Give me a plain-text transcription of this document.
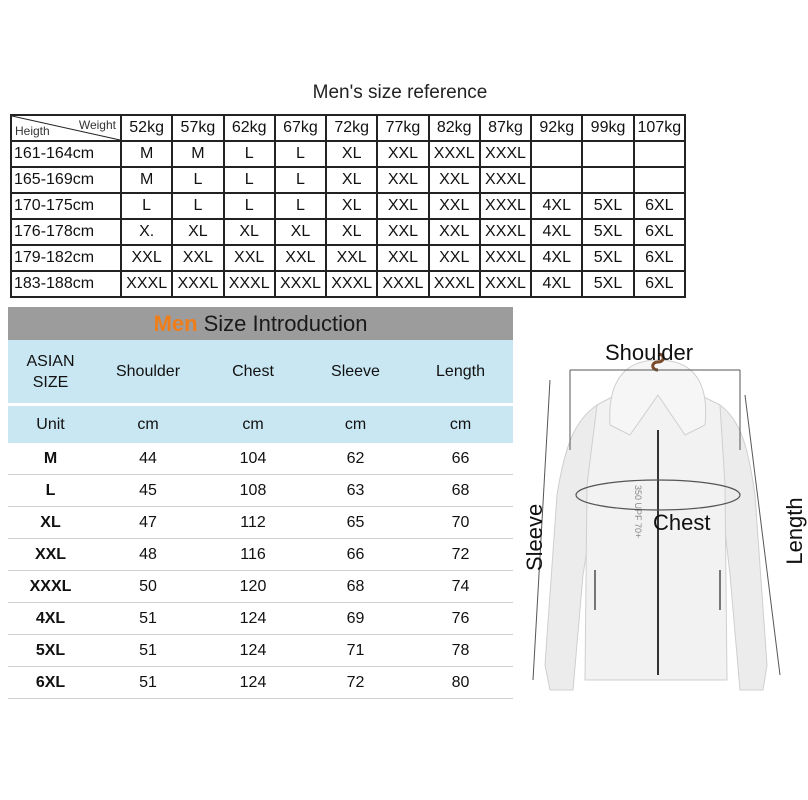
Men's size reference
Weight
Heigth	52kg	57kg	62kg	67kg	72kg	77kg	82kg	87kg	92kg	99kg	107kg
161-164cm	M	M	L	L	XL	XXL	XXXL	XXXL			
165-169cm	M	L	L	L	XL	XXL	XXL	XXXL			
170-175cm	L	L	L	L	XL	XXL	XXL	XXXL	4XL	5XL	6XL
176-178cm	X.	XL	XL	XL	XL	XXL	XXL	XXXL	4XL	5XL	6XL
179-182cm	XXL	XXL	XXL	XXL	XXL	XXL	XXL	XXXL	4XL	5XL	6XL
183-188cm	XXXL	XXXL	XXXL	XXXL	XXXL	XXXL	XXXL	XXXL	4XL	5XL	6XL
Men Size Introduction
ASIAN SIZE	Shoulder	Chest	Sleeve	Length
Unit	cm	cm	cm	cm
M	44	104	62	66
L	45	108	63	68
XL	47	112	65	70
XXL	48	116	66	72
XXXL	50	120	68	74
4XL	51	124	69	76
5XL	51	124	71	78
6XL	51	124	72	80
350 UPF 70+
Shoulder
Chest
Sleeve	Length
